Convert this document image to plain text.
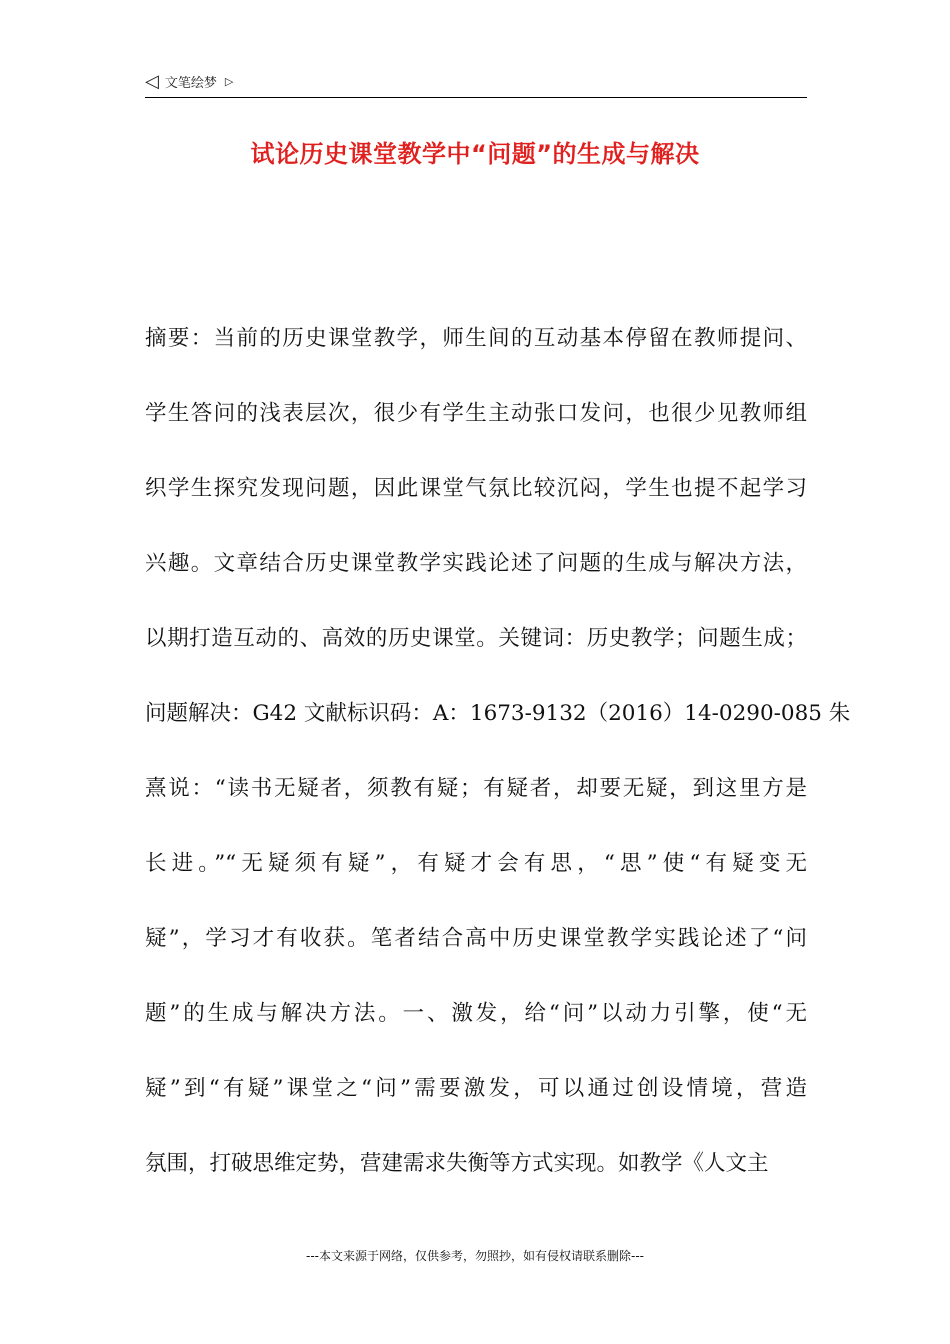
◁ 文笔绘梦 ▷
试论历史课堂教学中“问题”的生成与解决
摘要：当前的历史课堂教学，师生间的互动基本停留在教师提问、
学生答问的浅表层次，很少有学生主动张口发问，也很少见教师组
织学生探究发现问题，因此课堂气氛比较沉闷，学生也提不起学习
兴趣。文章结合历史课堂教学实践论述了问题的生成与解决方法，
以期打造互动的、高效的历史课堂。关键词：历史教学；问题生成；
问题解决：G42 文献标识码：A：1673-9132（2016）14-0290-085 朱
熹说：“读书无疑者，须教有疑；有疑者，却要无疑，到这里方是
长进。”“无疑须有疑”，有疑才会有思，“思”使“有疑变无
疑”，学习才有收获。笔者结合高中历史课堂教学实践论述了“问
题”的生成与解决方法。一、激发，给“问”以动力引擎，使“无
疑”到“有疑”课堂之“问”需要激发，可以通过创设情境，营造
氛围，打破思维定势，营建需求失衡等方式实现。如教学《人文主
---本文来源于网络，仅供参考，勿照抄，如有侵权请联系删除---
